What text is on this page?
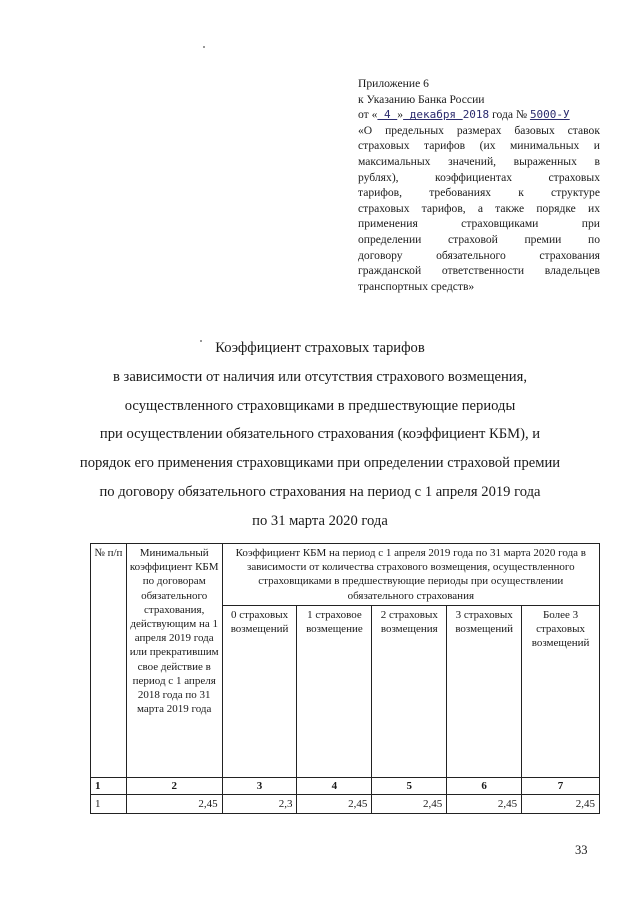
Приложение 6
к Указанию Банка России
от « 4 » декабря 2018 года № 5000-У
«О предельных размерах базовых ставок
страховых тарифов (их минимальных и
максимальных значений, выраженных в
рублях), коэффициентах страховых
тарифов, требованиях к структуре
страховых тарифов, а также порядке их
применения страховщиками при
определении страховой премии по
договору обязательного страхования
гражданской ответственности владельцев
транспортных средств»
Коэффициент страховых тарифов
в зависимости от наличия или отсутствия страхового возмещения,
осуществленного страховщиками в предшествующие периоды
при осуществлении обязательного страхования (коэффициент КБМ), и
порядок его применения страховщиками при определении страховой премии
по договору обязательного страхования на период с 1 апреля 2019 года
по 31 марта 2020 года
№ п/п	Минимальный коэффициент КБМ по договорам обязательного страхования, действующим на 1 апреля 2019 года или прекратившим свое действие в период с 1 апреля 2018 года по 31 марта 2019 года	Коэффициент КБМ на период с 1 апреля 2019 года по 31 марта 2020 года в зависимости от количества страхового возмещения, осуществленного страховщиками в предшествующие периоды при осуществлении обязательного страхования				
		0 страховых возмещений	1 страховое возмещение	2 страховых возмещения	3 страховых возмещений	Более 3 страховых возмещений
1	2	3	4	5	6	7
1	2,45	2,3	2,45	2,45	2,45	2,45
33
